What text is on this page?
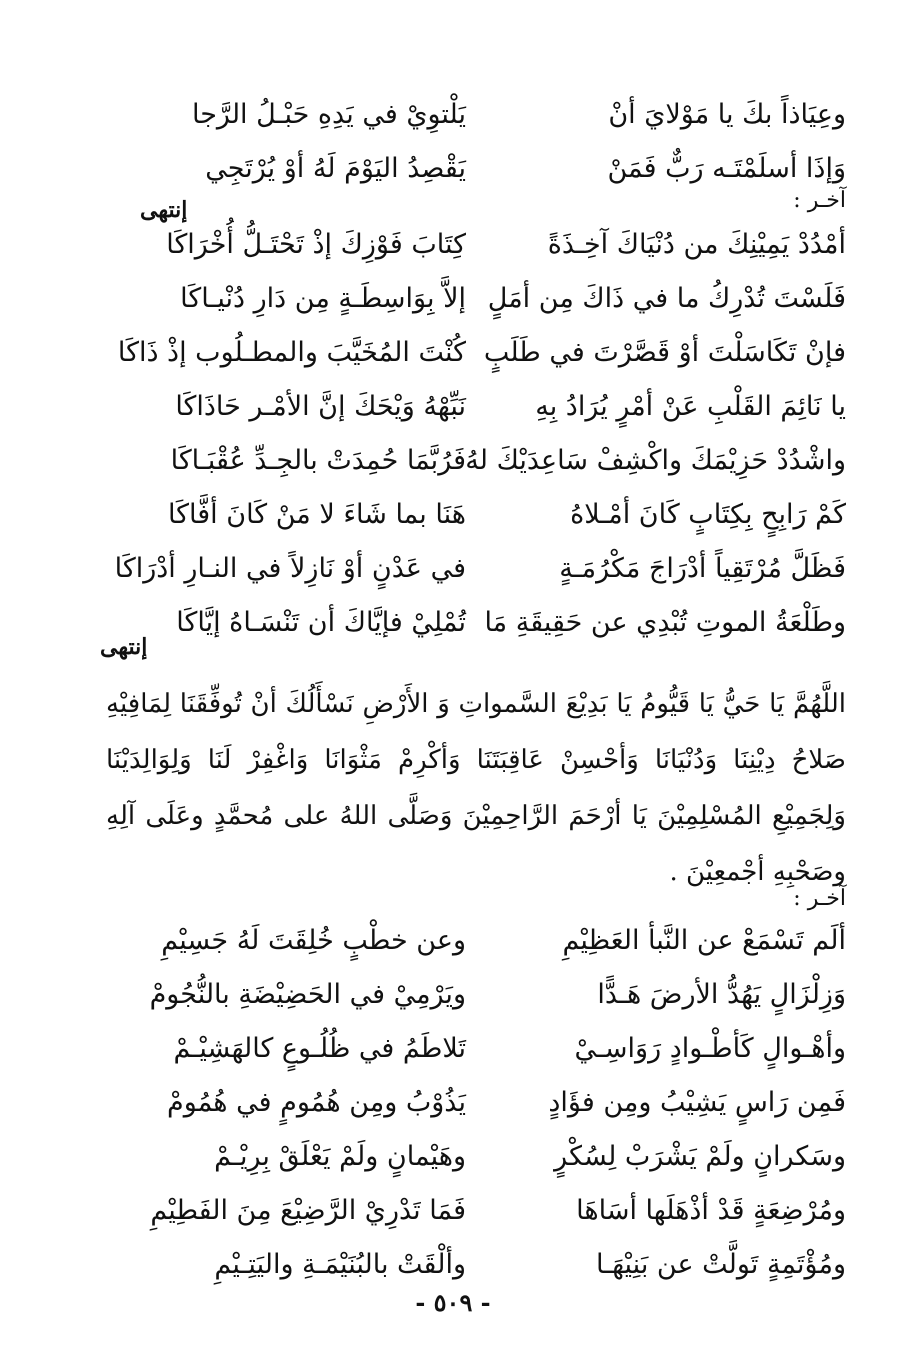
وعِيَاذاً بكَ يا مَوْلايَ أنْ
يَلْتوِيْ في يَدِهِ حَبْـلُ الرَّجا
وَإذَا أسلَمْتَـه رَبٌّ فَمَنْ
يَقْصِدُ اليَوْمَ لَهُ أوْ يُرْتَجِي
آخـر :
إنتهى
أمْدُدْ يَمِيْنِكَ من دُنْيَاكَ آخِـذَةً
كِتَابَ فَوْزِكَ إذْ تَحْتَـلُّ أُخْرَاكَا
فَلَسْتَ تُدْرِكُ ما في ذَاكَ مِن أمَلٍ
إلاَّ بِوَاسِطَـةٍ مِن دَارِ دُنْيـاكَا
فإنْ تَكَاسَلْتَ أوْ قَصَّرْتَ في طَلَبٍ
كُنْتَ المُخَيَّبَ والمطـلُوب إذْ ذَاكَا
يا نَائِمَ القَلْبِ عَنْ أمْرٍ يُرَادُ بِهِ
نَبِّهْهُ وَيْحَكَ إنَّ الأمْـر حَاذَاكَا
واشْدُدْ حَزِيْمَكَ واكْشِفْ سَاعِدَيْكَ لهُ
فَرُبَّمَا حُمِدَتْ بالجِـدِّ عُقْبَـاكَا
كَمْ رَابِحٍ بِكِتَابٍ كَانَ أمْـلاهُ
هَنَا بما شَاءَ لا مَنْ كَانَ أفَّاكَا
فَظَلَّ مُرْتَقِياً أدْرَاجَ مَكْرُمَـةٍ
في عَدْنٍ أوْ نَازِلاً في النـارِ أدْرَاكَا
وطَلْعَةُ الموتِ تُبْدِي عن حَقِيقَةِ مَا
تُمْلِيْ فإيَّاكَ أن تَنْسَـاهُ إيَّاكَا
إنتهى

اللَّهُمَّ يَا حَيُّ يَا قَيُّومُ يَا بَدِيْعَ السَّمواتِ وَ الأَرْضِ نَسْأَلُكَ أنْ تُوفِّقَنَا لِمَافِيْهِ صَلاحُ دِيْنِنَا وَدُنْيَانَا وَأحْسِنْ عَاقِبَتَنَا وَأكْرِمْ مَثْوَانَا وَاغْفِرْ لَنَا وَلِوَالِدَيْنَا وَلِجَمِيْعِ المُسْلِمِيْنَ يَا أرْحَمَ الرَّاحِمِيْنَ وَصَلَّى اللهُ على مُحمَّدٍ وعَلَى آلِهِ وصَحْبِهِ أجْمعِيْنَ .

آخـر :
ألَم تَسْمَعْ عن النَّبأ العَظِيْمِ
وعن خطْبٍ خُلِقَتَ لَهُ جَسِيْمِ
وَزِلْزَالٍ يَهُدُّ الأرضَ هَـدًّا
ويَرْمِيْ في الحَضِيْضَةِ بالنُّجُومْ
وأهْـوالٍ كَأطْـوادٍ رَوَاسِـيْ
تَلاطَمُ في ظُلُـوعٍ كالهَشِيْـمْ
فَمِن رَاسٍ يَشِيْبُ ومِن فؤَادٍ
يَذُوْبُ ومِن هُمُومٍ في هُمُومْ
وسَكرانٍ ولَمْ يَشْرَبْ لِسُكْرٍ
وهَيْمانٍ ولَمْ يَعْلَقْ بِرِيْـمْ
ومُرْضِعَةٍ قَدْ أذْهَلَها أسَاهَا
فَمَا تَدْرِيْ الرَّضِيْعَ مِنَ الفَطِيْمِ
ومُؤْتَمِةٍ تَولَّتْ عن بَنِيْهَـا
وألْقَتْ بالبُنَيْمَـةِ واليَتِـيْمِ
- ٥٠٩ -
